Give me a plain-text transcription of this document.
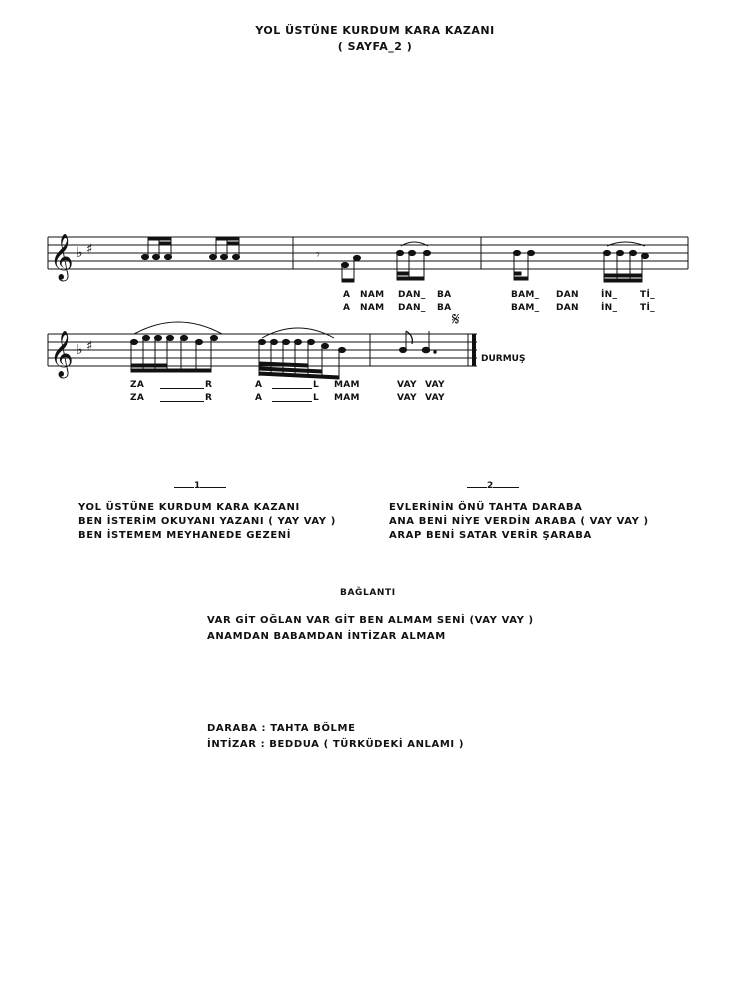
YOL ÜSTÜNE KURDUM KARA KAZANI
( SAYFA_2 )
𝄞
𝄞
♭ ♯
♭ ♯
𝄾
𝄋
A NAM DAN_ BA	BAM_ DAN İN_	Tİ_
A NAM DAN_ BA	BAM_ DAN İN_	Tİ_
ZA	R	A	L MAM	VAY VAY
ZA	R	A	L MAM	VAY VAY
DURMUŞ
1	2
YOL ÜSTÜNE KURDUM KARA KAZANI
BEN İSTERİM OKUYANI YAZANI ( YAY VAY )
BEN İSTEMEM MEYHANEDE GEZENİ
EVLERİNİN ÖNÜ TAHTA DARABA
ANA BENİ NİYE VERDİN ARABA ( VAY VAY )
ARAP BENİ SATAR VERİR ŞARABA
BAĞLANTI
VAR GİT OĞLAN VAR GİT BEN ALMAM SENİ (VAY VAY )
ANAMDAN BABAMDAN İNTİZAR ALMAM
DARABA : TAHTA BÖLME
İNTİZAR : BEDDUA ( TÜRKÜDEKİ ANLAMI )
